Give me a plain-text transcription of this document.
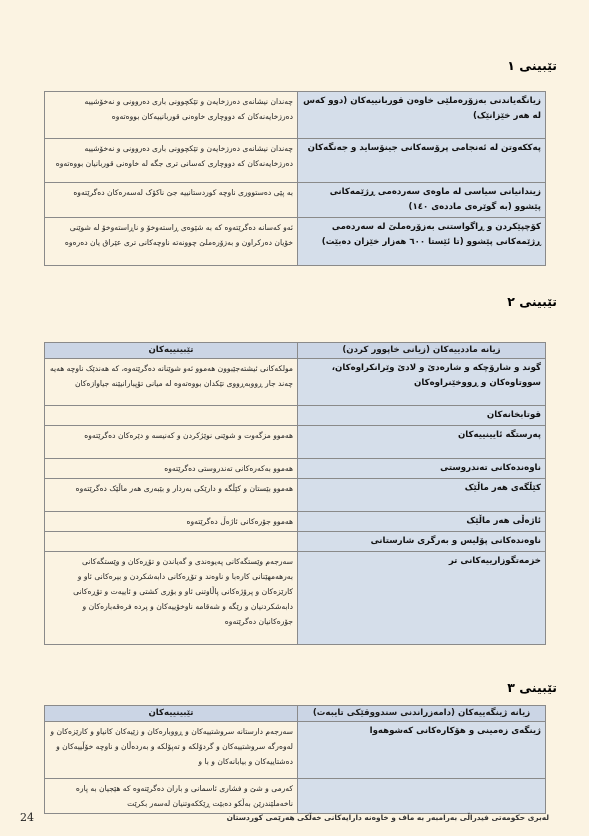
تێبینی ١
زیانگەیاندنی بەزۆرەملێی خاوەن قوربانییەکان (دوو کەس لە هەر خێزانێک)	چەندان نیشانەی دەرزخایەن و تێکچوونی باری دەروونی و نەخۆشییە دەرزخایەنەکان کە دووچاری خاوەنی قوربانییەکان بووەتەوە
پەککەوتن لە ئەنجامی پرۆسەکانی جینۆساید و جەنگەکان	چەندان نیشانەی دەرزخایەن و تێکچوونی باری دەروونی و نەخۆشییە دەرزخایەنەکان کە دووچاری کەسانی تری جگە لە خاوەنی قوربانیان بووەتەوە
زیندانیانی سیاسی لە ماوەی سەردەمی ڕژێمەکانی پێشوو (بە گوێرەی ماددەی ١٤٠)	بە پێی دەستووری ناوچە کوردستانییە جێ ناکۆک لەسەرەکان دەگرێتەوە
کۆچپێکردن و ڕاگواستنی بەزۆرەملێ لە سەردەمی ڕژێمەکانی پێشوو (تا ئێستا ٦٠٠ هەزار خێزان دەبێت)	ئەو کەسانە دەگرێتەوە کە بە شێوەی ڕاستەوخۆ و ناڕاستەوخۆ لە شوێنی خۆیان دەرکراون و بەزۆرەملێ چوونەتە ناوچەکانی تری عێراق یان دەرەوە
تێبینی ٢
زیانە ماددییەکان (زیانی خاپوور کردن)	تێبینییەکان
گوند و شارۆچکە و شارەدێ و لادێ وێرانکراوەکان، سووتاوەکان و ڕووخێنراوەکان	مولکەکانی ئیشتەجێبوون هەموو ئەو شوێنانە دەگرێتەوە، کە هەندێک ناوچە هەیە چەند جار ڕووبەڕووی تێکدان بووەتەوە لە میانی تۆپبارانیێنە جیاوازەکان
قوتابخانەکان	
پەرستگە ئایینییەکان	هەموو مزگەوت و شوێنی نوێژکردن و کەنیسە و دێرەکان دەگرێتەوە
ناوەندەکانی تەندروستی	هەموو بەکەرەکانی تەندروستی دەگرێتەوە
کێڵگەی هەر ماڵێک	هەموو بێستان و کێڵگە و دارێکی بەردار و بێبەری هەر ماڵێک دەگرێتەوە
ئاژەڵی هەر ماڵێک	هەموو جۆرەکانی ئاژەڵ دەگرێتەوە
ناوەندەکانی پۆلیس و بەرگری شارستانی	
خزمەتگوزارییەکانی تر	سەرجەم وێستگەکانی پەیوەندی و گەیاندن و تۆڕەکان و وێستگەکانی بەرهەمهێنانی کارەبا و ناوەند و تۆڕەکانی دابەشکردن و بیرەکانی ئاو و کارێزەکان و پرۆژەکانی پاڵاوتنی ئاو و بۆری کشتی و ئاییەت و تۆڕەکانی دابەشکردنیان و رێگە و شەقامە ناوخۆییەکان و پردە فرەقەبارەکان و جۆرەکانیان دەگرێتەوە
تێبینی ٣
زیانە ژینگەییەکان (دامەزراندنی سندووقێکی تایبەت)	تێبینییەکان
ژینگەی زەمینی و هۆکارەکانی کەشوهەوا	سەرجەم دارستانە سروشتییەکان و ڕووبارەکان و زێیەکان کانیاو و کارێزەکان و لەوەرگە سروشتییەکان و گردۆلکە و تەپۆلکە و بەردەڵان و ناوچە خۆڵییەکان و دەشتاییەکان و بیابانەکان و با و
	کەرمی و شێ و فشاری ئاسمانی و باران دەگرێتەوە کە هێجیان بە پارە ناخەملێندرێن بەڵکو دەبێت ڕێککەوتنیان لەسەر بکرێت
24	لەبری حکومەتی فیدراڵی بەرامبەر بە ماف و خاوەنە دارایەکانی خەڵکی هەرێمی کوردستان
